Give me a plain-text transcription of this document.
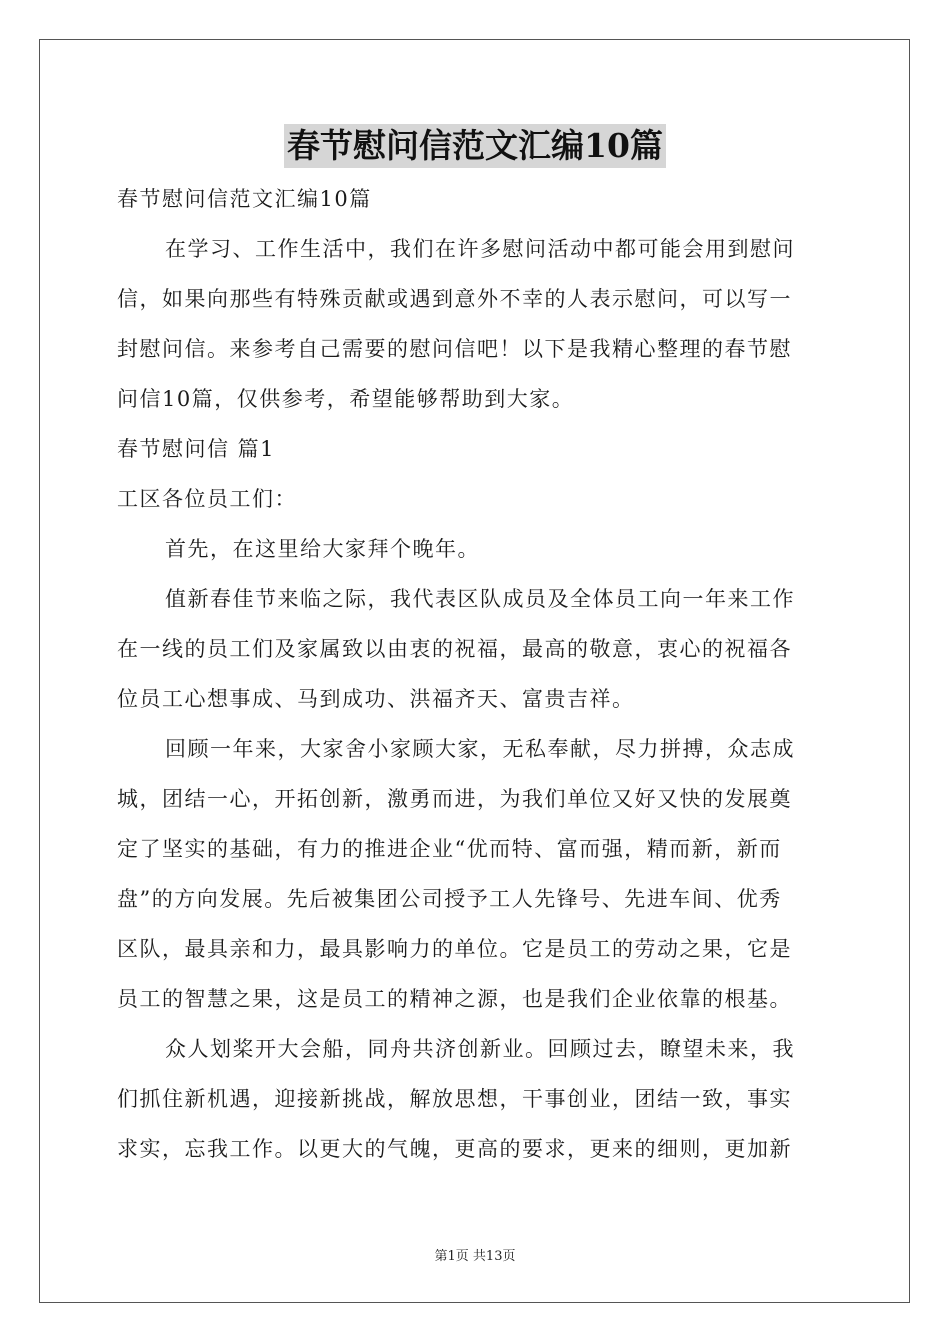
春节慰问信范文汇编10篇
春节慰问信范文汇编10篇
在学习、工作生活中，我们在许多慰问活动中都可能会用到慰问
信，如果向那些有特殊贡献或遇到意外不幸的人表示慰问，可以写一
封慰问信。来参考自己需要的慰问信吧！以下是我精心整理的春节慰
问信10篇，仅供参考，希望能够帮助到大家。
春节慰问信 篇1
工区各位员工们：
首先，在这里给大家拜个晚年。
值新春佳节来临之际，我代表区队成员及全体员工向一年来工作
在一线的员工们及家属致以由衷的祝福，最高的敬意，衷心的祝福各
位员工心想事成、马到成功、洪福齐天、富贵吉祥。
回顾一年来，大家舍小家顾大家，无私奉献，尽力拼搏，众志成
城，团结一心，开拓创新，激勇而进，为我们单位又好又快的发展奠
定了坚实的基础，有力的推进企业“优而特、富而强，精而新，新而
盘”的方向发展。先后被集团公司授予工人先锋号、先进车间、优秀
区队，最具亲和力，最具影响力的单位。它是员工的劳动之果，它是
员工的智慧之果，这是员工的精神之源，也是我们企业依靠的根基。
众人划桨开大会船，同舟共济创新业。回顾过去，瞭望未来，我
们抓住新机遇，迎接新挑战，解放思想，干事创业，团结一致，事实
求实，忘我工作。以更大的气魄，更高的要求，更来的细则，更加新
第1页 共13页
